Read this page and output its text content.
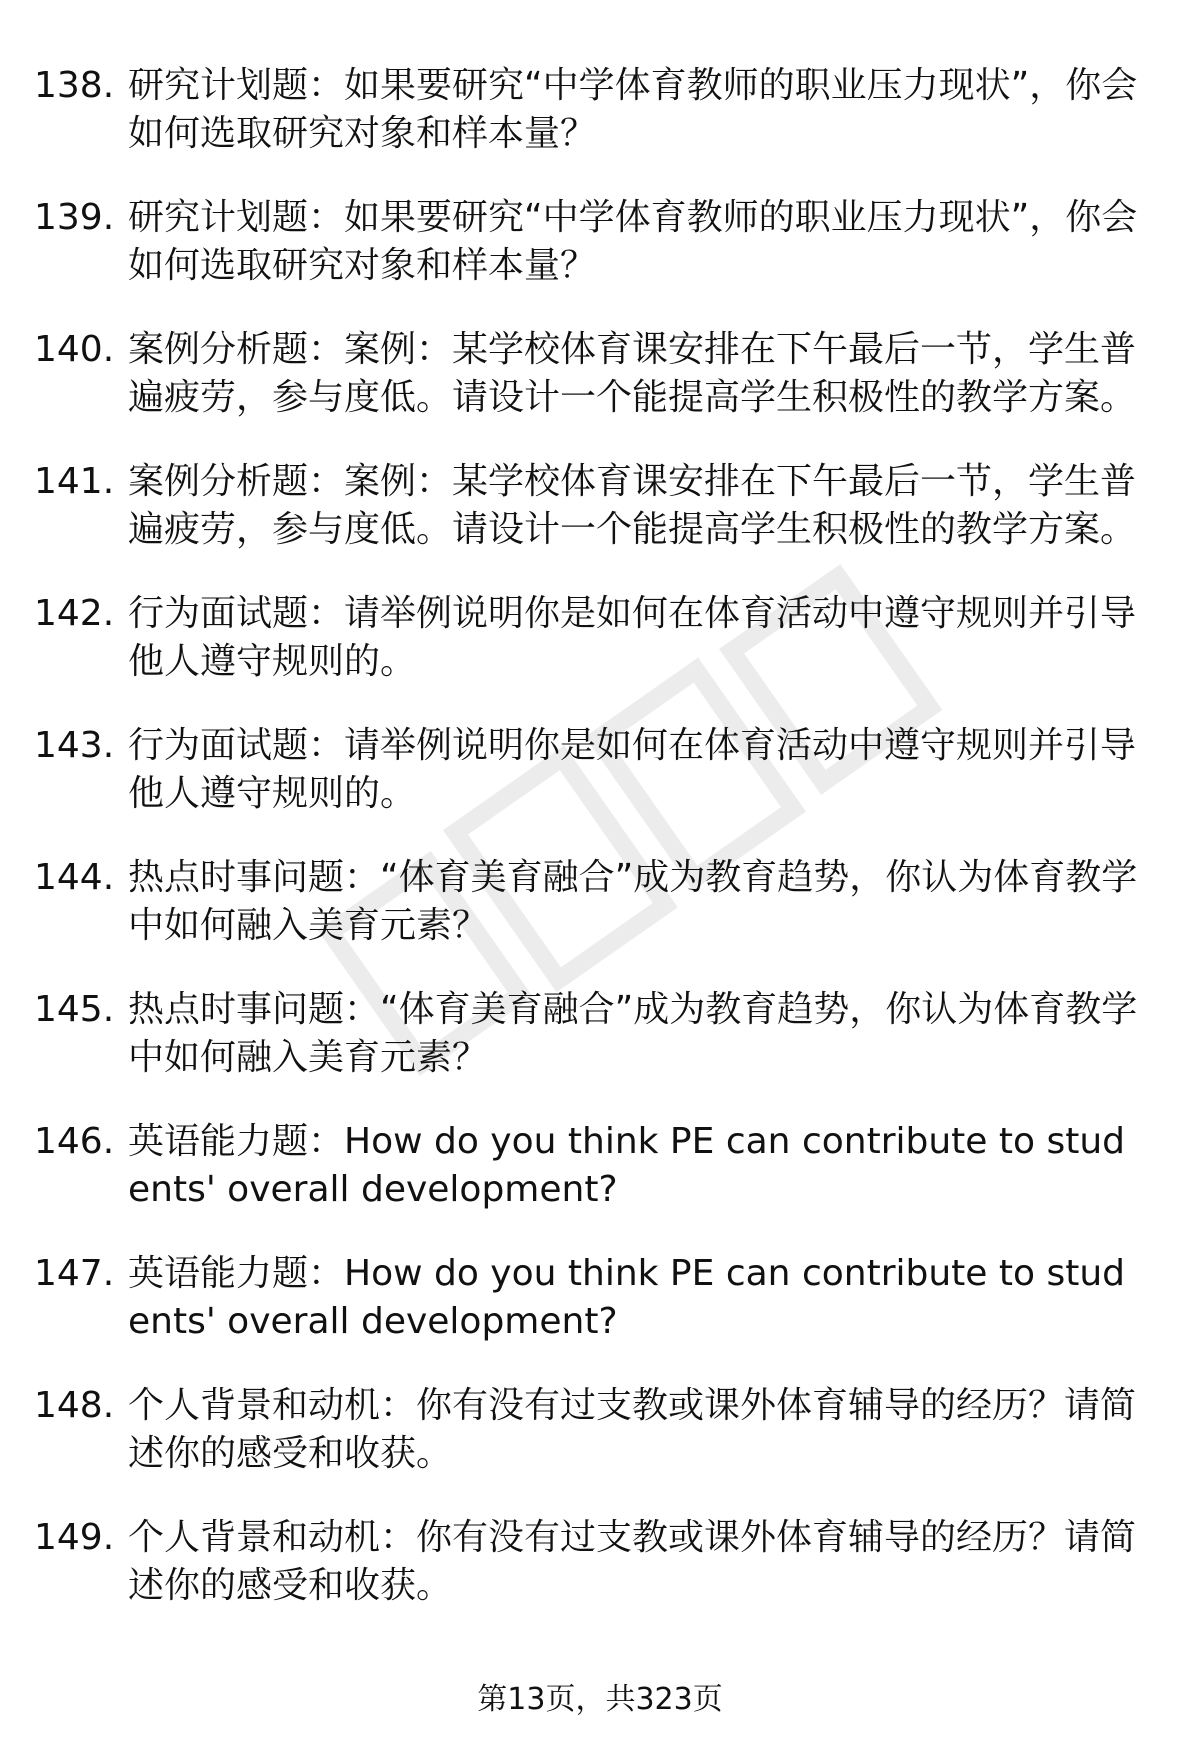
138. 研究计划题：如果要研究“中学体育教师的职业压力现状”，你会如何选取研究对象和样本量？
139. 研究计划题：如果要研究“中学体育教师的职业压力现状”，你会如何选取研究对象和样本量？
140. 案例分析题：案例：某学校体育课安排在下午最后一节，学生普遍疲劳，参与度低。请设计一个能提高学生积极性的教学方案。
141. 案例分析题：案例：某学校体育课安排在下午最后一节，学生普遍疲劳，参与度低。请设计一个能提高学生积极性的教学方案。
142. 行为面试题：请举例说明你是如何在体育活动中遵守规则并引导他人遵守规则的。
143. 行为面试题：请举例说明你是如何在体育活动中遵守规则并引导他人遵守规则的。
144. 热点时事问题：“体育美育融合”成为教育趋势，你认为体育教学中如何融入美育元素？
145. 热点时事问题：“体育美育融合”成为教育趋势，你认为体育教学中如何融入美育元素？
146. 英语能力题：How do you think PE can contribute to students' overall development?
147. 英语能力题：How do you think PE can contribute to students' overall development?
148. 个人背景和动机：你有没有过支教或课外体育辅导的经历？请简述你的感受和收获。
149. 个人背景和动机：你有没有过支教或课外体育辅导的经历？请简述你的感受和收获。
第13页，共323页
